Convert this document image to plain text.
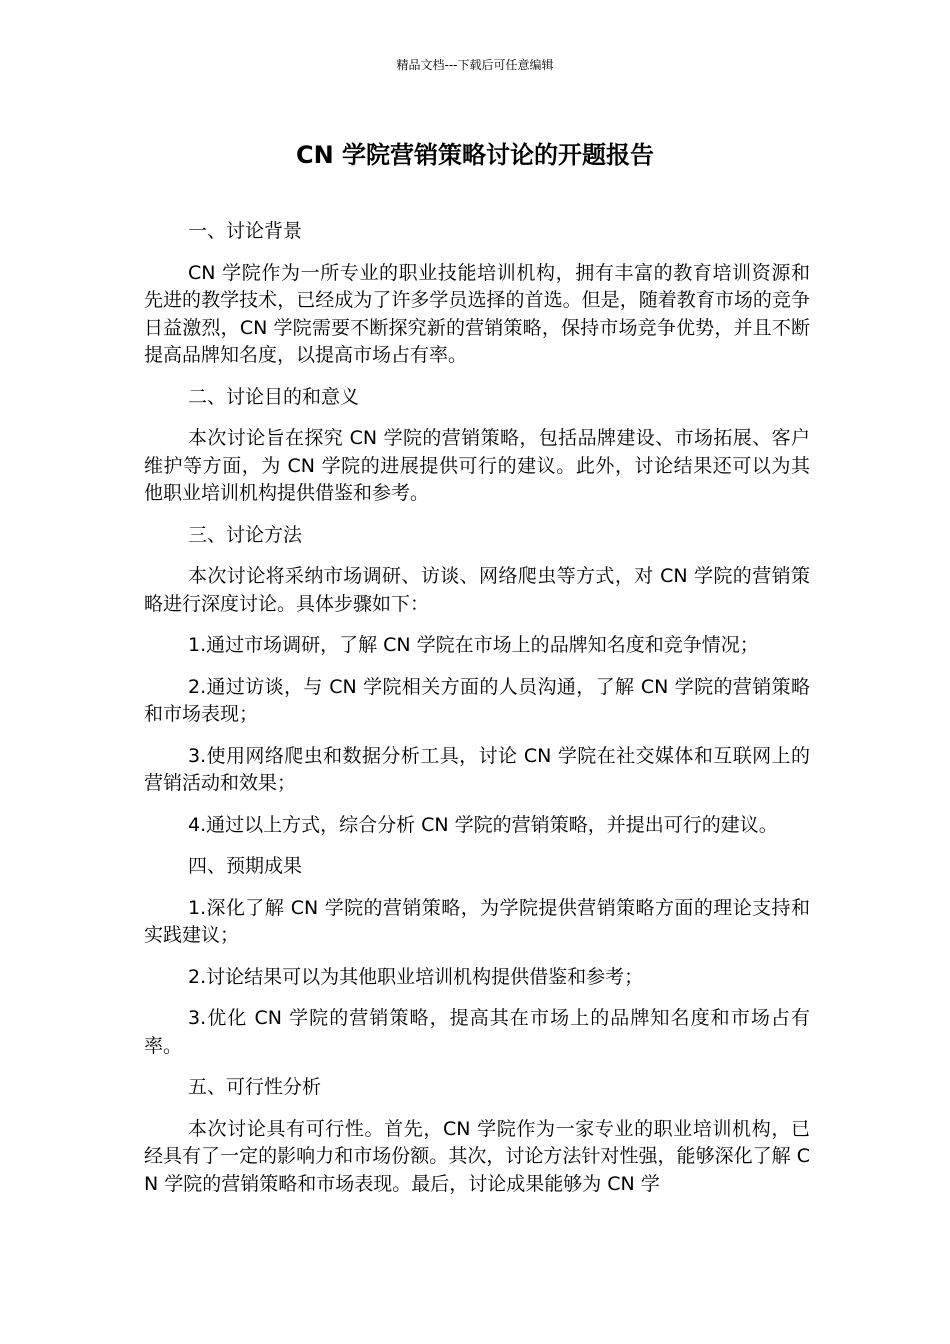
精品文档---下载后可任意编辑
CN 学院营销策略讨论的开题报告

一、讨论背景

CN 学院作为一所专业的职业技能培训机构，拥有丰富的教育培训资源和先进的教学技术，已经成为了许多学员选择的首选。但是，随着教育市场的竞争日益激烈，CN 学院需要不断探究新的营销策略，保持市场竞争优势，并且不断提高品牌知名度，以提高市场占有率。

二、讨论目的和意义

本次讨论旨在探究 CN 学院的营销策略，包括品牌建设、市场拓展、客户维护等方面，为 CN 学院的进展提供可行的建议。此外，讨论结果还可以为其他职业培训机构提供借鉴和参考。

三、讨论方法

本次讨论将采纳市场调研、访谈、网络爬虫等方式，对 CN 学院的营销策略进行深度讨论。具体步骤如下：

1.通过市场调研，了解 CN 学院在市场上的品牌知名度和竞争情况；

2.通过访谈，与 CN 学院相关方面的人员沟通，了解 CN 学院的营销策略和市场表现；

3.使用网络爬虫和数据分析工具，讨论 CN 学院在社交媒体和互联网上的营销活动和效果；

4.通过以上方式，综合分析 CN 学院的营销策略，并提出可行的建议。

四、预期成果

1.深化了解 CN 学院的营销策略，为学院提供营销策略方面的理论支持和实践建议；

2.讨论结果可以为其他职业培训机构提供借鉴和参考；

3.优化 CN 学院的营销策略，提高其在市场上的品牌知名度和市场占有率。

五、可行性分析

本次讨论具有可行性。首先，CN 学院作为一家专业的职业培训机构，已经具有了一定的影响力和市场份额。其次，讨论方法针对性强，能够深化了解 CN 学院的营销策略和市场表现。最后，讨论成果能够为 CN 学
